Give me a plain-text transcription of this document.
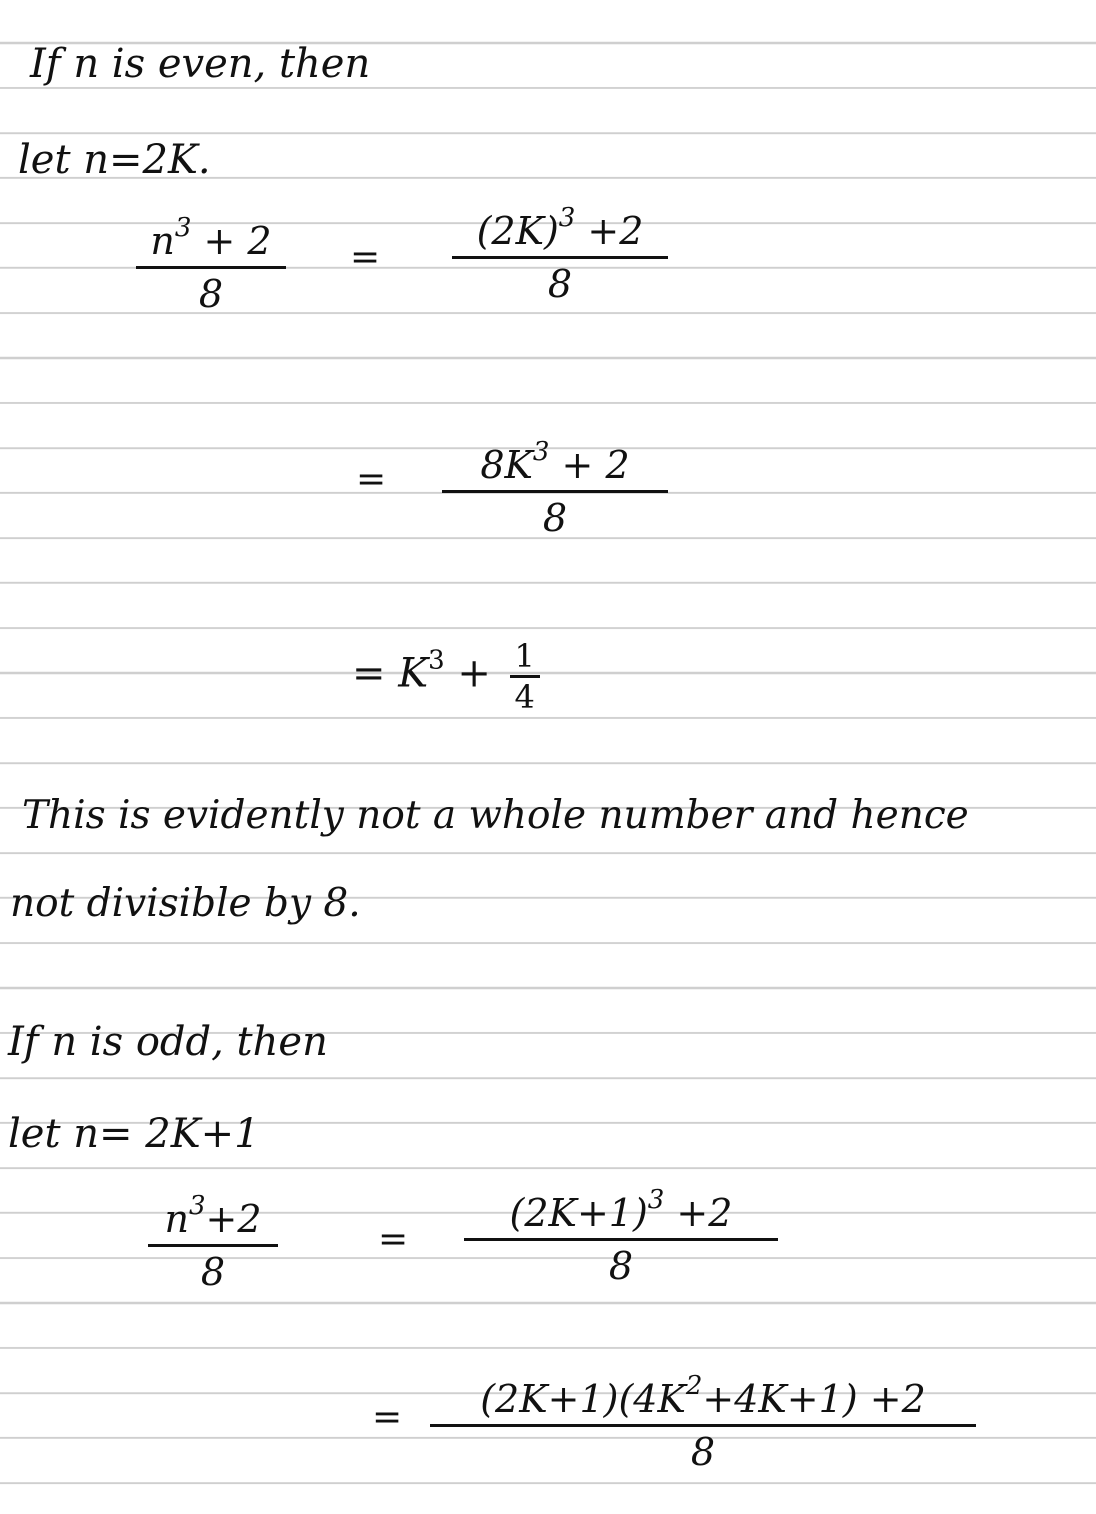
If n is even, then
let n=2K.
$n^3 + 2$
8
=
$(2K)^3 +2$
8
= $8K^3 + 2$
8
= $K^3 + \frac{1}{4}$
This is evidently not a whole number and hence
not divisible by 8.
If n is odd, then
let n= 2K+1
$n^3+2$
8
=
$(2K+1)^3 +2$
8
= $(2K+1)(4K^2+4K+1) +2$
8
